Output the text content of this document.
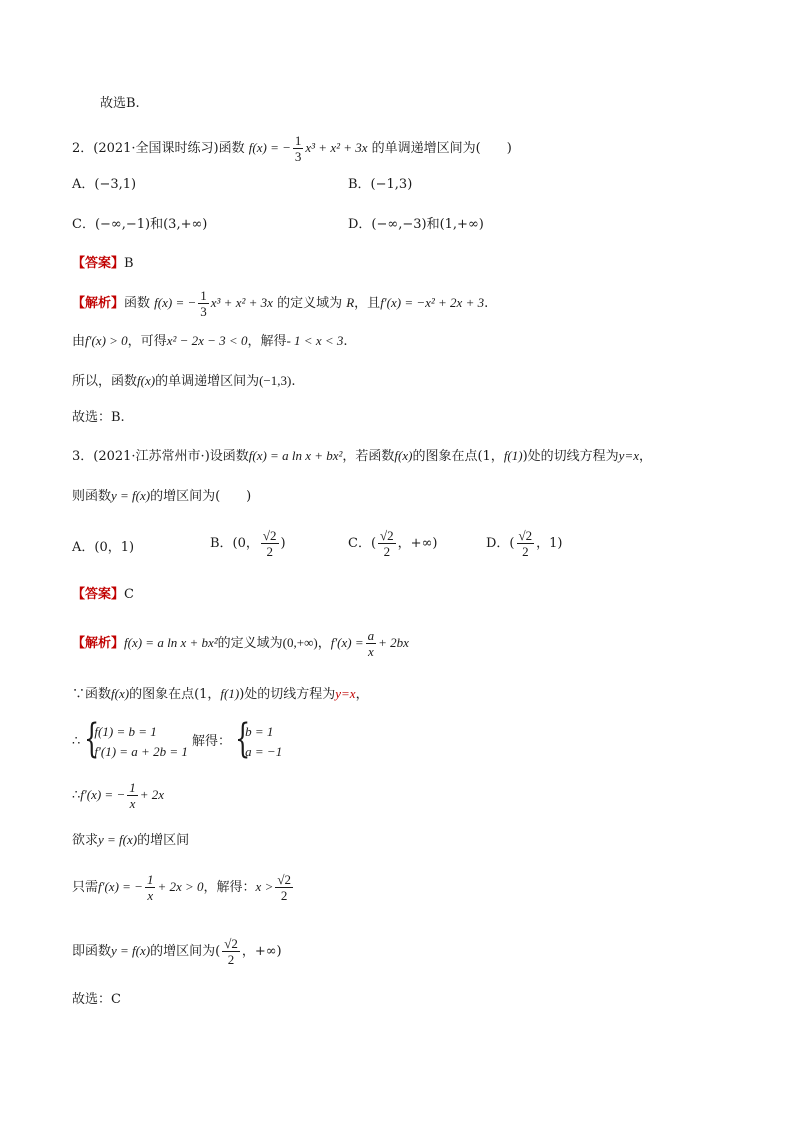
故选B.
2．(2021·全国课时练习)函数 f(x) = − $\frac{1}{3} x^3 + x^2 + 3x$ 的单调递增区间为(　　)
A．(−3,1)	B．(−1,3)
C．(−∞,−1)和(3,+∞)	D．(−∞,−3)和(1,+∞)
【答案】B
【解析】函数 f(x) = − $\frac{1}{3} x^3 + x^2 + 3x$ 的定义域为 R，且f′(x) = −x² + 2x + 3.
由f′(x) > 0，可得x² − 2x − 3 < 0，解得- 1 < x < 3.
所以，函数f(x)的单调递增区间为(−1,3).
故选：B.
3．(2021·江苏常州市·)设函数f(x) = a ln x + bx²，若函数f(x)的图象在点(1，f(1))处的切线方程为y=x，
则函数y = f(x)的增区间为(　　)
A．(0，1)	B．(0， $\frac{√2}{2}$ )	C．( $\frac{√2}{2}$ ，+∞)	D．( $\frac{√2}{2}$ ，1)
【答案】C
【解析】f(x) = a ln x + bx²的定义域为(0,+∞)，$f'(x) = \frac{a}{x} + 2bx$
∵函数f(x)的图象在点(1，f(1))处的切线方程为y=x，
∴ {
f(1) = b = 1
f′(1) = a + 2b = 1
解得： {
b = 1
a = −1
∴f′(x) = − $\frac{1}{x} + 2x$
欲求y = f(x)的增区间
只需f′(x) = − $\frac{1}{x} + 2x > 0$，解得：$x > \frac{√2}{2}$
即函数y = f(x)的增区间为( $\frac{√2}{2}$ ，+∞)
故选：C
